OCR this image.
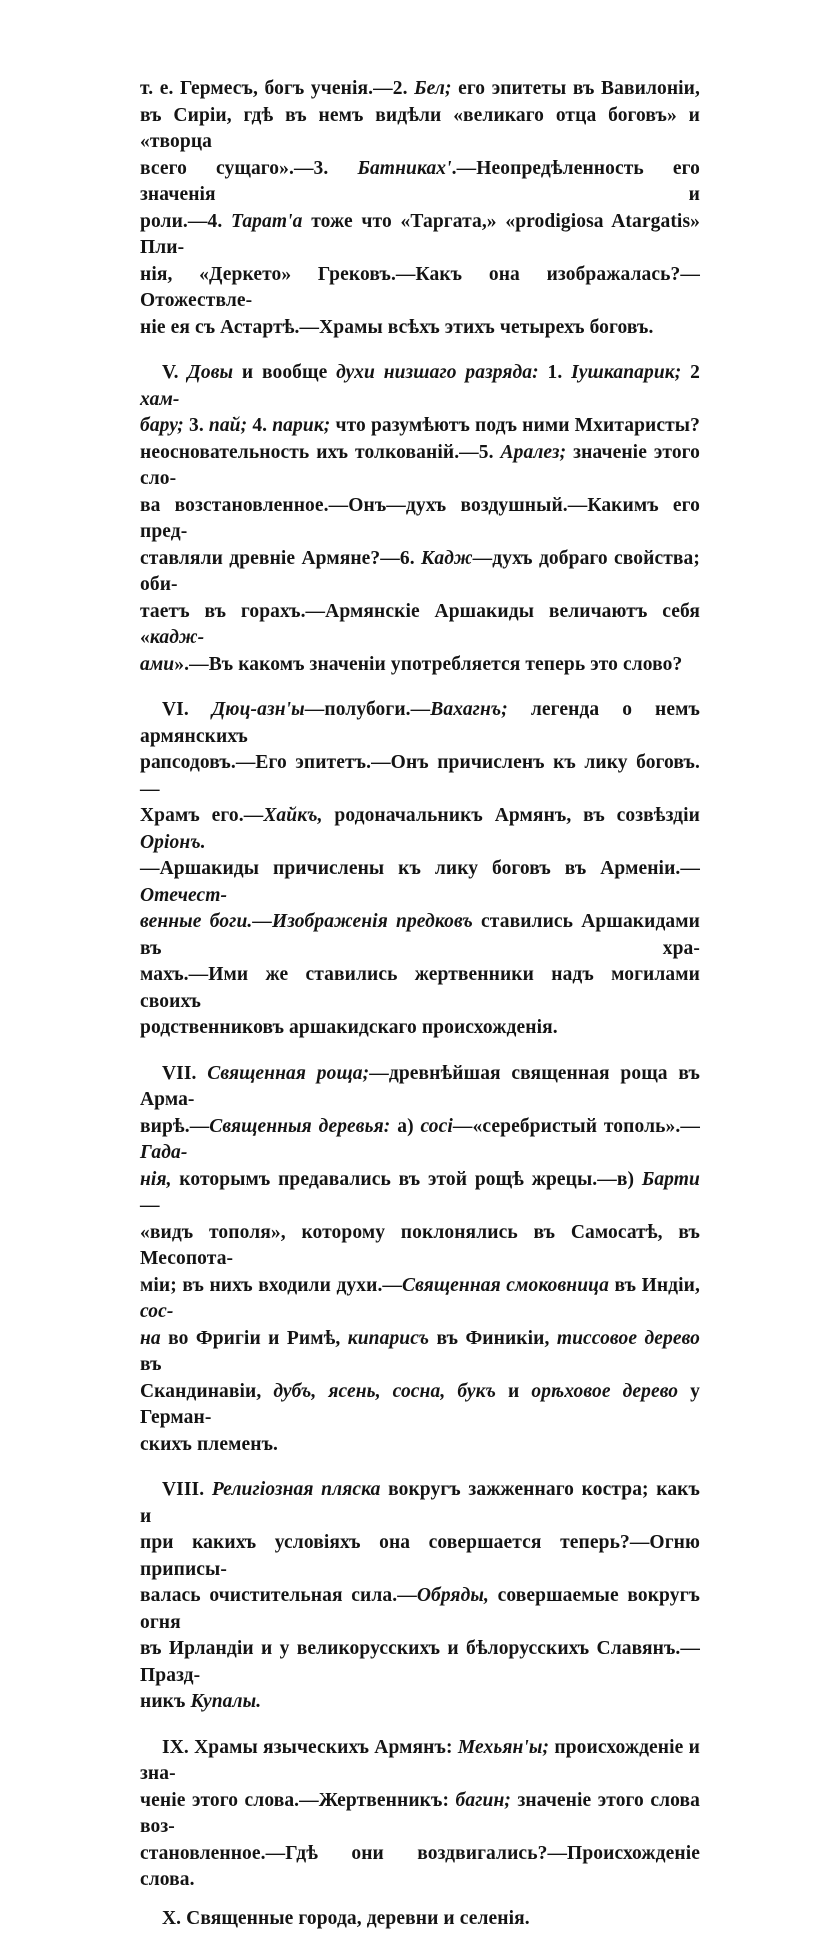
т. е. Гермесъ, богъ ученія.—2. Бел; его эпитеты въ Вавилоніи,
въ Сиріи, гдѣ въ немъ видѣли «великаго отца боговъ» и «творца
всего сущаго».—3. Батникаx'.—Неопредѣленность его значенія и
роли.—4. Тарат'а тоже что «Таргата,» «prodigiosa Atargatis» Пли-
нія, «Деркето» Грековъ.—Какъ она изображалась?—Отожествле-
ніе ея съ Астартѣ.—Храмы всѣхъ этихъ четырехъ боговъ.
V. Довы и вообще духи низшаго разряда: 1. Іушкапарик; 2 хам-
бару; 3. пай; 4. парик; что разумѣютъ подъ ними Мхитаристы?
неосновательность ихъ толкованій.—5. Аралез; значеніе этого сло-
ва возстановленное.—Онъ—духъ воздушный.—Какимъ его пред-
ставляли древніе Армяне?—6. Кадж—духъ добраго свойства; оби-
таетъ въ горахъ.—Армянскіе Аршакиды величаютъ себя «кадж-
ами».—Въ какомъ значеніи употребляется теперь это слово?
VI. Дюц-азн'ы—полубоги.—Вахагнъ; легенда о немъ армянскихъ
рапсодовъ.—Его эпитетъ.—Онъ причисленъ къ лику боговъ. —
Храмъ его.—Хайкъ, родоначальникъ Армянъ, въ созвѣздіи Оріонъ.
—Аршакиды причислены къ лику боговъ въ Арменіи.—Отечест-
венные боги.—Изображенія предковъ ставились Аршакидами въ хра-
махъ.—Ими же ставились жертвенники надъ могилами своихъ
родственниковъ аршакидскаго происхожденія.
VII. Священная роща;—древнѣйшая священная роща въ Арма-
вирѣ.—Священныя деревья: а) сосі—«серебристый тополь».—Гада-
нія, которымъ предавались въ этой рощѣ жрецы.—в) Барти—
«видъ тополя», которому поклонялись въ Самосатѣ, въ Месопота-
міи; въ нихъ входили духи.—Священная смоковница въ Индіи, сос-
на во Фригіи и Римѣ, кипарисъ въ Финикіи, тиссовое дерево въ
Скандинавіи, дубъ, ясень, сосна, букъ и орѣховое дерево у Герман-
скихъ племенъ.
VIII. Религіозная пляска вокругъ зажженнаго костра; какъ и
при какихъ условіяхъ она совершается теперь?—Огню приписы-
валась очистительная сила.—Обряды, совершаемые вокругъ огня
въ Ирландіи и у великорусскихъ и бѣлорусскихъ Славянъ.—Празд-
никъ Купалы.
IX. Храмы языческихъ Армянъ: Мехьян'ы; происхожденіе и зна-
ченіе этого слова.—Жертвенникъ: багин; значеніе этого слова воз-
становленное.—Гдѣ они воздвигались?—Происхожденіе слова.
X. Священные города, деревни и селенія.
